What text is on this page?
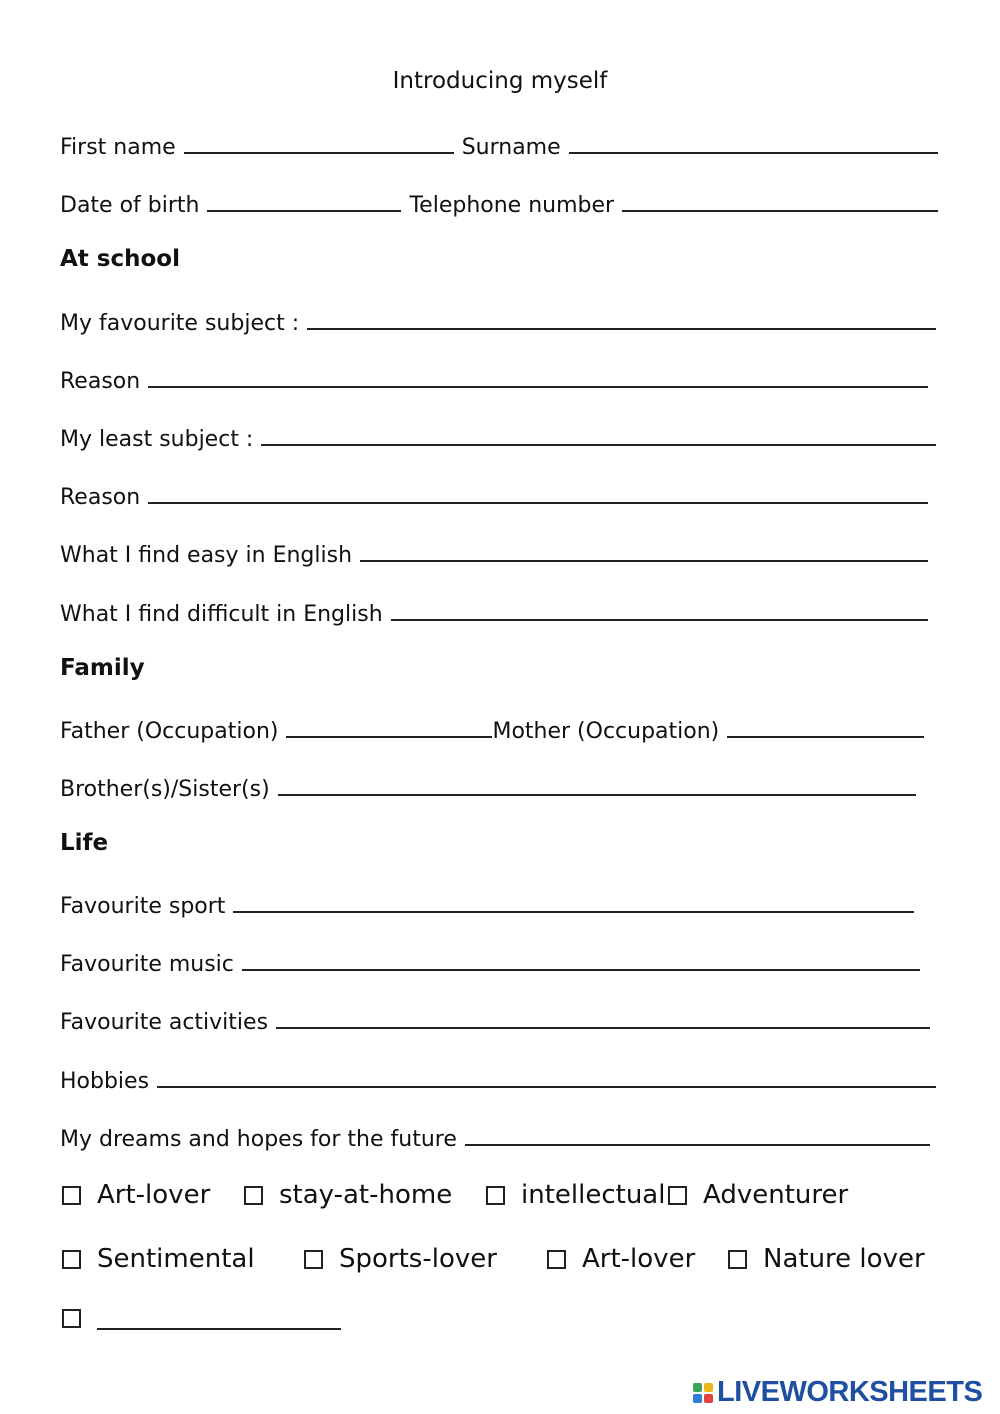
Introducing myself
First name	Surname
Date of birth	Telephone number
At school
My favourite subject :
Reason
My least subject :
Reason
What I find easy in English
What I find difficult in English
Family
Father (Occupation)	Mother (Occupation)
Brother(s)/Sister(s)
Life
Favourite sport
Favourite music
Favourite activities
Hobbies
My dreams and hopes for the future
Art-lover	stay-at-home	intellectual Adventurer
Sentimental	Sports-lover	Art-lover	Nature lover
LIVEWORKSHEETS
